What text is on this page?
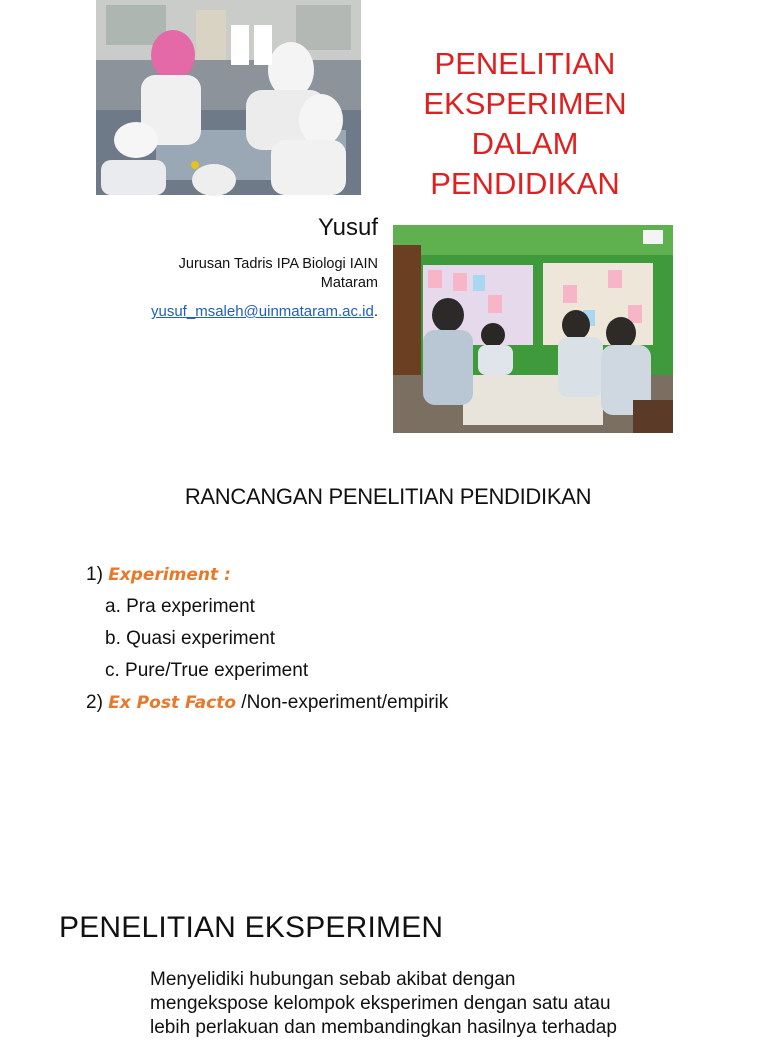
PENELITIAN
EKSPERIMEN
DALAM
PENDIDIKAN
Yusuf
Jurusan Tadris IPA Biologi IAIN Mataram
yusuf_msaleh@uinmataram.ac.id.
RANCANGAN PENELITIAN PENDIDIKAN
1) Experiment :
a. Pra experiment
b. Quasi experiment
c. Pure/True experiment
2) Ex Post Facto /Non-experiment/empirik
PENELITIAN EKSPERIMEN
Menyelidiki hubungan sebab akibat dengan mengekspose kelompok eksperimen dengan satu atau lebih perlakuan dan membandingkan hasilnya terhadap
